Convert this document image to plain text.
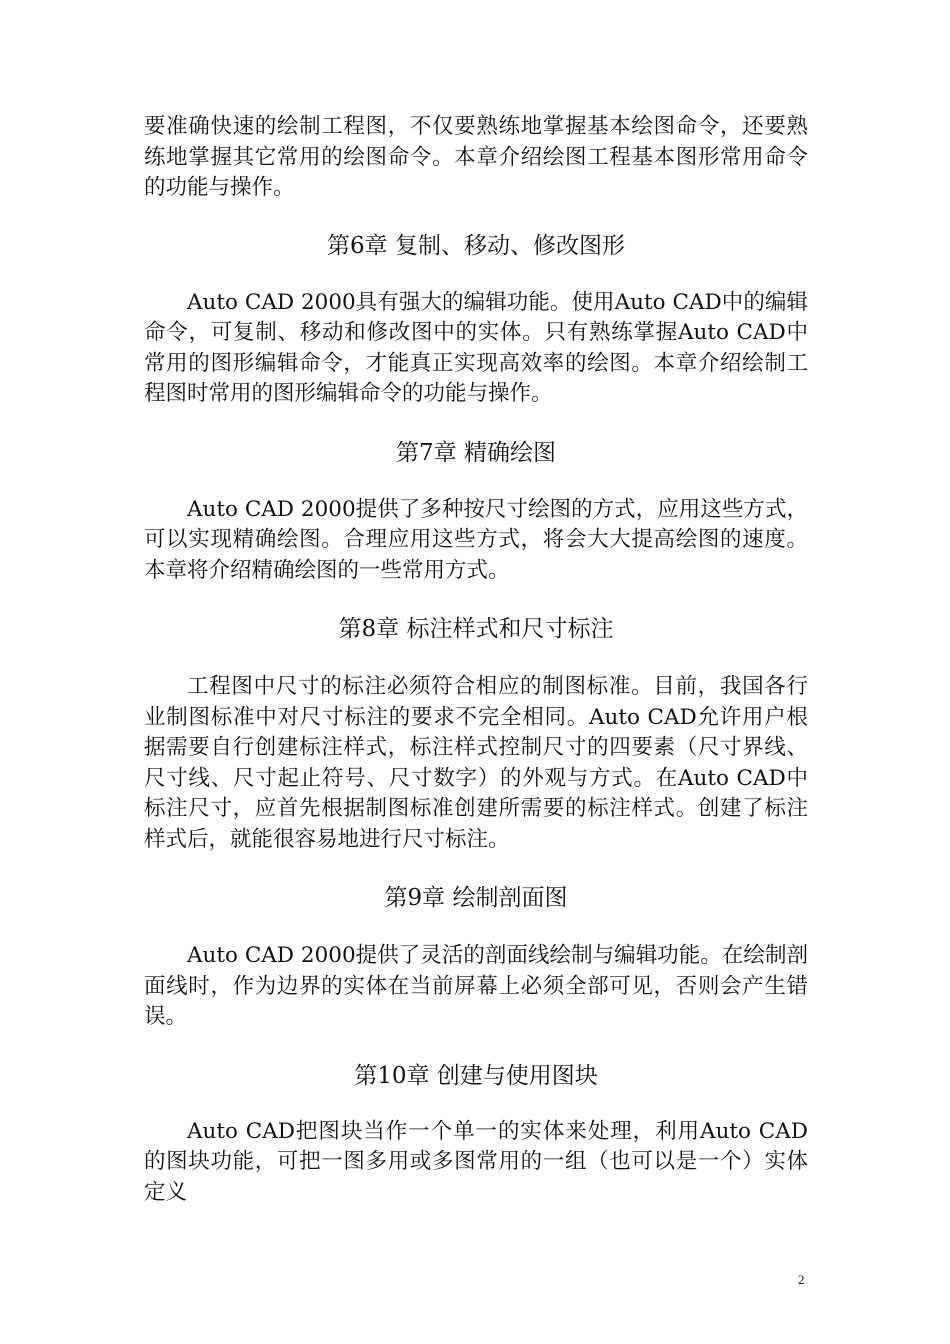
要准确快速的绘制工程图，不仅要熟练地掌握基本绘图命令，还要熟练地掌握其它常用的绘图命令。本章介绍绘图工程基本图形常用命令的功能与操作。

第6章 复制、移动、修改图形

Auto CAD 2000具有强大的编辑功能。使用Auto CAD中的编辑命令，可复制、移动和修改图中的实体。只有熟练掌握Auto CAD中常用的图形编辑命令，才能真正实现高效率的绘图。本章介绍绘制工程图时常用的图形编辑命令的功能与操作。

第7章 精确绘图

Auto CAD 2000提供了多种按尺寸绘图的方式，应用这些方式，可以实现精确绘图。合理应用这些方式，将会大大提高绘图的速度。本章将介绍精确绘图的一些常用方式。

第8章 标注样式和尺寸标注

工程图中尺寸的标注必须符合相应的制图标准。目前，我国各行业制图标准中对尺寸标注的要求不完全相同。Auto CAD允许用户根据需要自行创建标注样式，标注样式控制尺寸的四要素（尺寸界线、尺寸线、尺寸起止符号、尺寸数字）的外观与方式。在Auto CAD中标注尺寸，应首先根据制图标准创建所需要的标注样式。创建了标注样式后，就能很容易地进行尺寸标注。

第9章 绘制剖面图

Auto CAD 2000提供了灵活的剖面线绘制与编辑功能。在绘制剖面线时，作为边界的实体在当前屏幕上必须全部可见，否则会产生错误。

第10章 创建与使用图块

Auto CAD把图块当作一个单一的实体来处理，利用Auto CAD的图块功能，可把一图多用或多图常用的一组（也可以是一个）实体定义

2
